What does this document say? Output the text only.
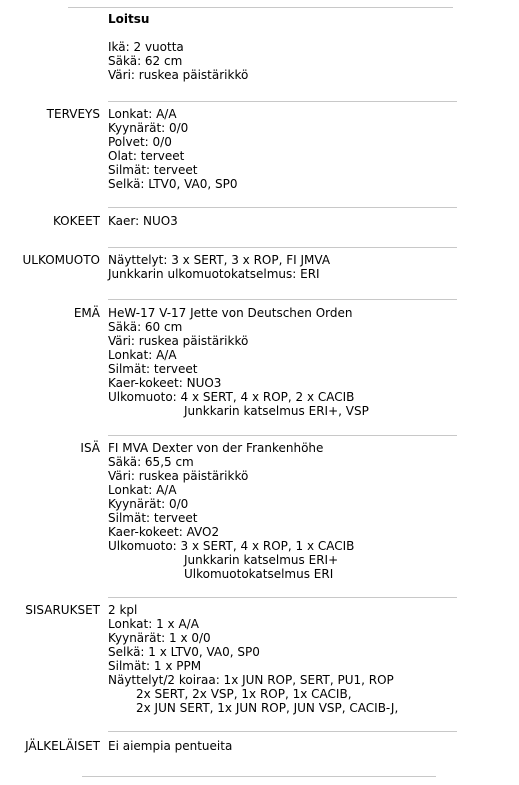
Loitsu
Ikä: 2 vuotta
Säkä: 62 cm
Väri: ruskea päistärikkö
TERVEYS Lonkat: A/A
Kyynärät: 0/0
Polvet: 0/0
Olat: terveet
Silmät: terveet
Selkä: LTV0, VA0, SP0
KOKEET Kaer: NUO3
ULKOMUOTO Näyttelyt: 3 x SERT, 3 x ROP, FI JMVA
Junkkarin ulkomuotokatselmus: ERI
EMÄ HeW-17 V-17 Jette von Deutschen Orden
Säkä: 60 cm
Väri: ruskea päistärikkö
Lonkat: A/A
Silmät: terveet
Kaer-kokeet: NUO3
Ulkomuoto: 4 x SERT, 4 x ROP, 2 x CACIB
Junkkarin katselmus ERI+, VSP
ISÄ FI MVA Dexter von der Frankenhöhe
Säkä: 65,5 cm
Väri: ruskea päistärikkö
Lonkat: A/A
Kyynärät: 0/0
Silmät: terveet
Kaer-kokeet: AVO2
Ulkomuoto: 3 x SERT, 4 x ROP, 1 x CACIB
Junkkarin katselmus ERI+
Ulkomuotokatselmus ERI
SISARUKSET 2 kpl
Lonkat: 1 x A/A
Kyynärät: 1 x 0/0
Selkä: 1 x LTV0, VA0, SP0
Silmät: 1 x PPM
Näyttelyt/2 koiraa: 1x JUN ROP, SERT, PU1, ROP
2x SERT, 2x VSP, 1x ROP, 1x CACIB,
2x JUN SERT, 1x JUN ROP, JUN VSP, CACIB-J,
JÄLKELÄISET Ei aiempia pentueita
